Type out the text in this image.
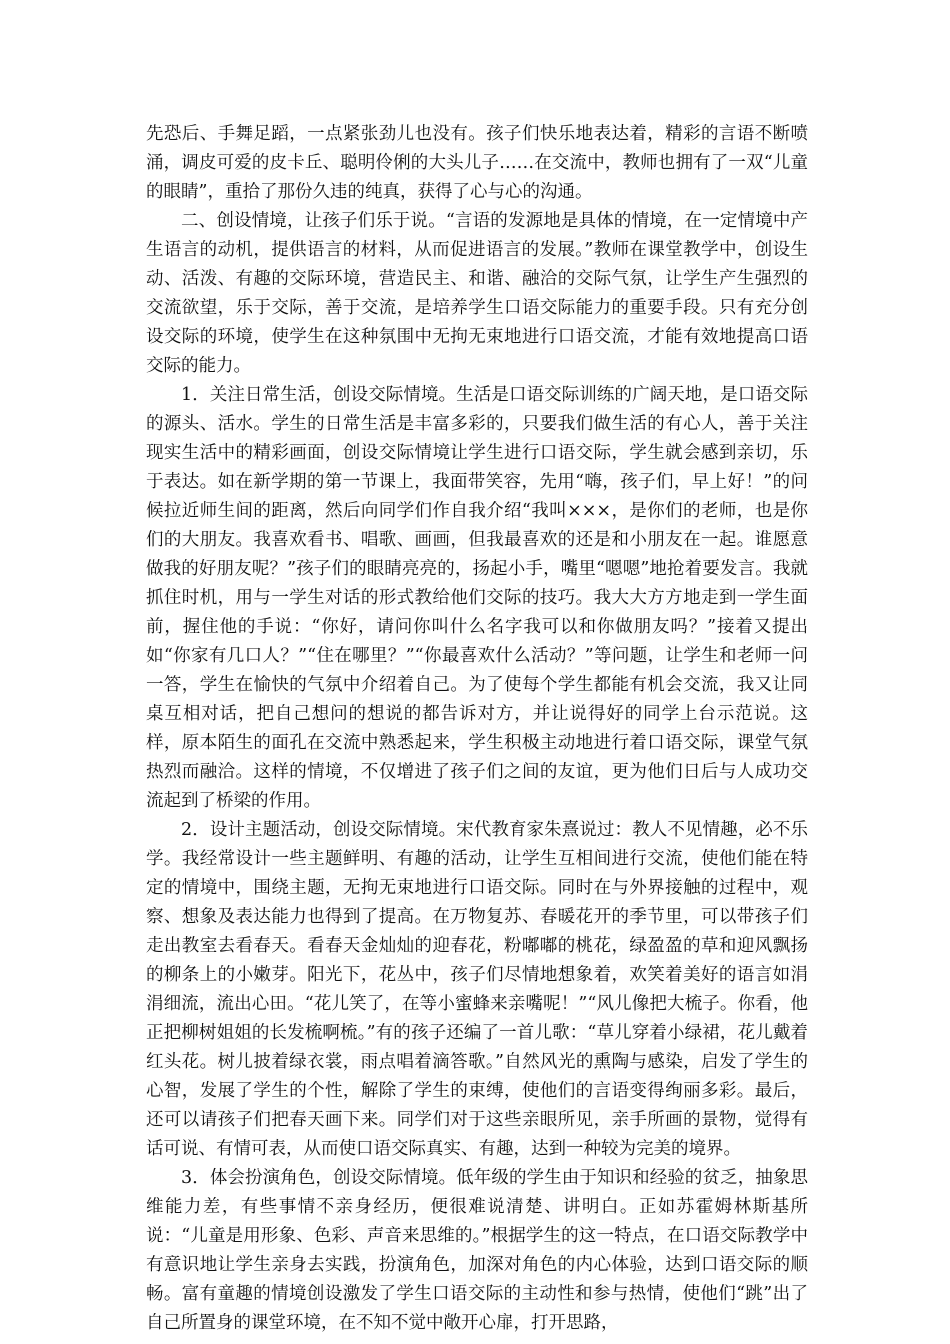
先恐后、手舞足蹈，一点紧张劲儿也没有。孩子们快乐地表达着，精彩的言语不断喷涌，调皮可爱的皮卡丘、聪明伶俐的大头儿子……在交流中，教师也拥有了一双“儿童的眼睛”，重拾了那份久违的纯真，获得了心与心的沟通。

二、创设情境，让孩子们乐于说。“言语的发源地是具体的情境，在一定情境中产生语言的动机，提供语言的材料，从而促进语言的发展。”教师在课堂教学中，创设生动、活泼、有趣的交际环境，营造民主、和谐、融洽的交际气氛，让学生产生强烈的交流欲望，乐于交际，善于交流，是培养学生口语交际能力的重要手段。只有充分创设交际的环境，使学生在这种氛围中无拘无束地进行口语交流，才能有效地提高口语交际的能力。

1．关注日常生活，创设交际情境。生活是口语交际训练的广阔天地，是口语交际的源头、活水。学生的日常生活是丰富多彩的，只要我们做生活的有心人，善于关注现实生活中的精彩画面，创设交际情境让学生进行口语交际，学生就会感到亲切，乐于表达。如在新学期的第一节课上，我面带笑容，先用“嗨，孩子们，早上好！”的问候拉近师生间的距离，然后向同学们作自我介绍“我叫×××，是你们的老师，也是你们的大朋友。我喜欢看书、唱歌、画画，但我最喜欢的还是和小朋友在一起。谁愿意做我的好朋友呢？”孩子们的眼睛亮亮的，扬起小手，嘴里“嗯嗯”地抢着要发言。我就抓住时机，用与一学生对话的形式教给他们交际的技巧。我大大方方地走到一学生面前，握住他的手说：“你好，请问你叫什么名字我可以和你做朋友吗？”接着又提出如“你家有几口人？”“住在哪里？”“你最喜欢什么活动？”等问题，让学生和老师一问一答，学生在愉快的气氛中介绍着自己。为了使每个学生都能有机会交流，我又让同桌互相对话，把自己想问的想说的都告诉对方，并让说得好的同学上台示范说。这样，原本陌生的面孔在交流中熟悉起来，学生积极主动地进行着口语交际，课堂气氛热烈而融洽。这样的情境，不仅增进了孩子们之间的友谊，更为他们日后与人成功交流起到了桥梁的作用。

2．设计主题活动，创设交际情境。宋代教育家朱熹说过：教人不见情趣，必不乐学。我经常设计一些主题鲜明、有趣的活动，让学生互相间进行交流，使他们能在特定的情境中，围绕主题，无拘无束地进行口语交际。同时在与外界接触的过程中，观察、想象及表达能力也得到了提高。在万物复苏、春暖花开的季节里，可以带孩子们走出教室去看春天。看春天金灿灿的迎春花，粉嘟嘟的桃花，绿盈盈的草和迎风飘扬的柳条上的小嫩芽。阳光下，花丛中，孩子们尽情地想象着，欢笑着美好的语言如涓涓细流，流出心田。“花儿笑了，在等小蜜蜂来亲嘴呢！”“风儿像把大梳子。你看，他正把柳树姐姐的长发梳啊梳。”有的孩子还编了一首儿歌：“草儿穿着小绿裙，花儿戴着红头花。树儿披着绿衣裳，雨点唱着滴答歌。”自然风光的熏陶与感染，启发了学生的心智，发展了学生的个性，解除了学生的束缚，使他们的言语变得绚丽多彩。最后，还可以请孩子们把春天画下来。同学们对于这些亲眼所见，亲手所画的景物，觉得有话可说、有情可表，从而使口语交际真实、有趣，达到一种较为完美的境界。

3．体会扮演角色，创设交际情境。低年级的学生由于知识和经验的贫乏，抽象思维能力差，有些事情不亲身经历，便很难说清楚、讲明白。正如苏霍姆林斯基所说：“儿童是用形象、色彩、声音来思维的。”根据学生的这一特点，在口语交际教学中有意识地让学生亲身去实践，扮演角色，加深对角色的内心体验，达到口语交际的顺畅。富有童趣的情境创设激发了学生口语交际的主动性和参与热情，使他们“跳”出了自己所置身的课堂环境，在不知不觉中敞开心扉，打开思路，
